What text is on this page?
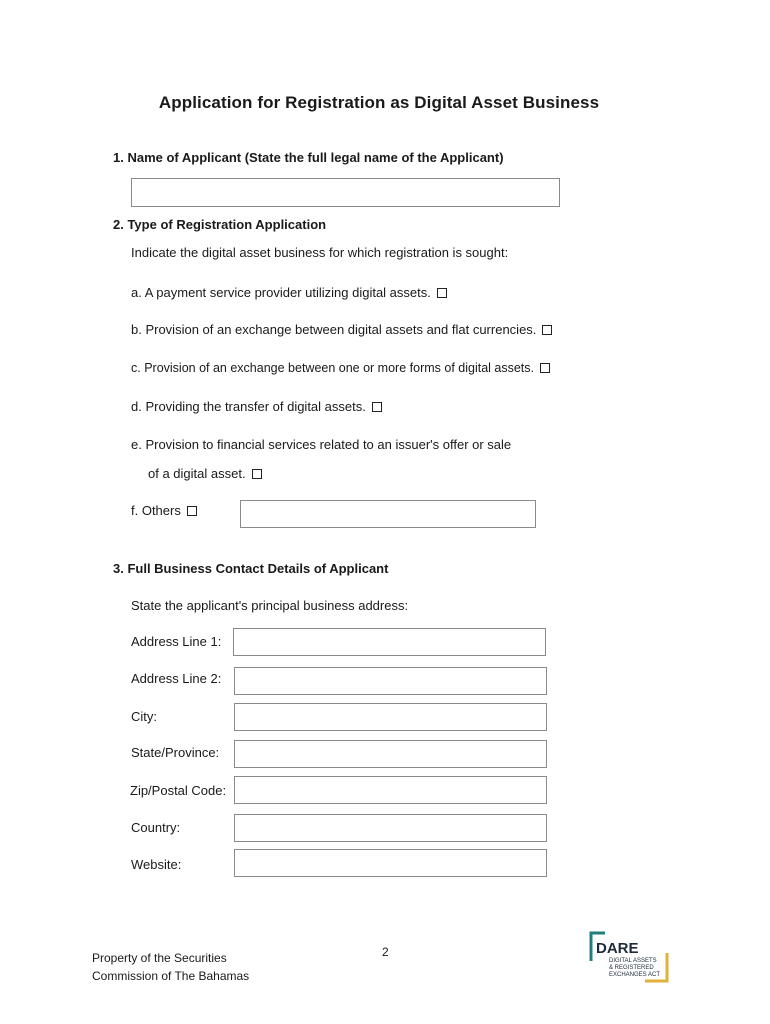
Application for Registration as Digital Asset Business
1. Name of Applicant (State the full legal name of the Applicant)
2. Type of Registration Application
Indicate the digital asset business for which registration is sought:
a. A payment service provider utilizing digital assets.
b. Provision of an exchange between digital assets and flat currencies.
c. Provision of an exchange between one or more forms of digital assets.
d. Providing the transfer of digital assets.
e. Provision to financial services related to an issuer's offer or sale
of a digital asset.
f. Others
3. Full Business Contact Details of Applicant
State the applicant's principal business address:
Address Line 1:
Address Line 2:
City:
State/Province:
Zip/Postal Code:
Country:
Website:
Property of the Securities
Commission of The Bahamas
2	DARE
DIGITAL ASSETS
& REGISTERED
EXCHANGES ACT
